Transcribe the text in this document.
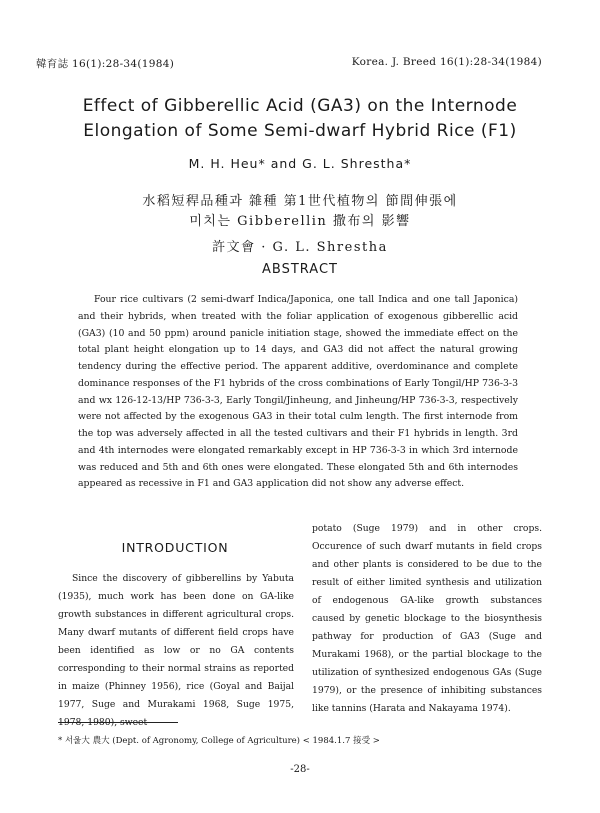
韓育誌 16(1):28-34(1984)	Korea. J. Breed 16(1):28-34(1984)
Effect of Gibberellic Acid (GA3) on the Internode
Elongation of Some Semi-dwarf Hybrid Rice (F1)
M. H. Heu* and G. L. Shrestha*
水稻短稈品種과 雜種 第1世代植物의 節間伸張에
미치는 Gibberellin 撒布의 影響
許文會 · G. L. Shrestha
ABSTRACT

Four rice cultivars (2 semi-dwarf Indica/Japonica, one tall Indica and one tall Japonica) and their hybrids, when treated with the foliar application of exogenous gibberellic acid (GA3) (10 and 50 ppm) around panicle initiation stage, showed the immediate effect on the total plant height elongation up to 14 days, and GA3 did not affect the natural growing tendency during the effective period. The apparent additive, overdominance and complete dominance responses of the F1 hybrids of the cross combinations of Early Tongil/HP 736-3-3 and wx 126-12-13/HP 736-3-3, Early Tongil/Jinheung, and Jinheung/HP 736-3-3, respectively were not affected by the exogenous GA3 in their total culm length. The first internode from the top was adversely affected in all the tested cultivars and their F1 hybrids in length. 3rd and 4th internodes were elongated remarkably except in HP 736-3-3 in which 3rd internode was reduced and 5th and 6th ones were elongated. These elongated 5th and 6th internodes appeared as recessive in F1 and GA3 application did not show any adverse effect.

INTRODUCTION

Since the discovery of gibberellins by Yabuta (1935), much work has been done on GA-like growth substances in different agricultural crops. Many dwarf mutants of different field crops have been identified as low or no GA contents corresponding to their normal strains as reported in maize (Phinney 1956), rice (Goyal and Baijal 1977, Suge and Murakami 1968, Suge 1975, 1978, 1980), sweet

potato (Suge 1979) and in other crops. Occurence of such dwarf mutants in field crops and other plants is considered to be due to the result of either limited synthesis and utilization of endogenous GA-like growth substances caused by genetic blockage to the biosynthesis pathway for production of GA3 (Suge and Murakami 1968), or the partial blockage to the utilization of synthesized endogenous GAs (Suge 1979), or the presence of inhibiting substances like tannins (Harata and Nakayama 1974).

* 서울大 農大 (Dept. of Agronomy, College of Agriculture) < 1984.1.7 接受 >
-28-
